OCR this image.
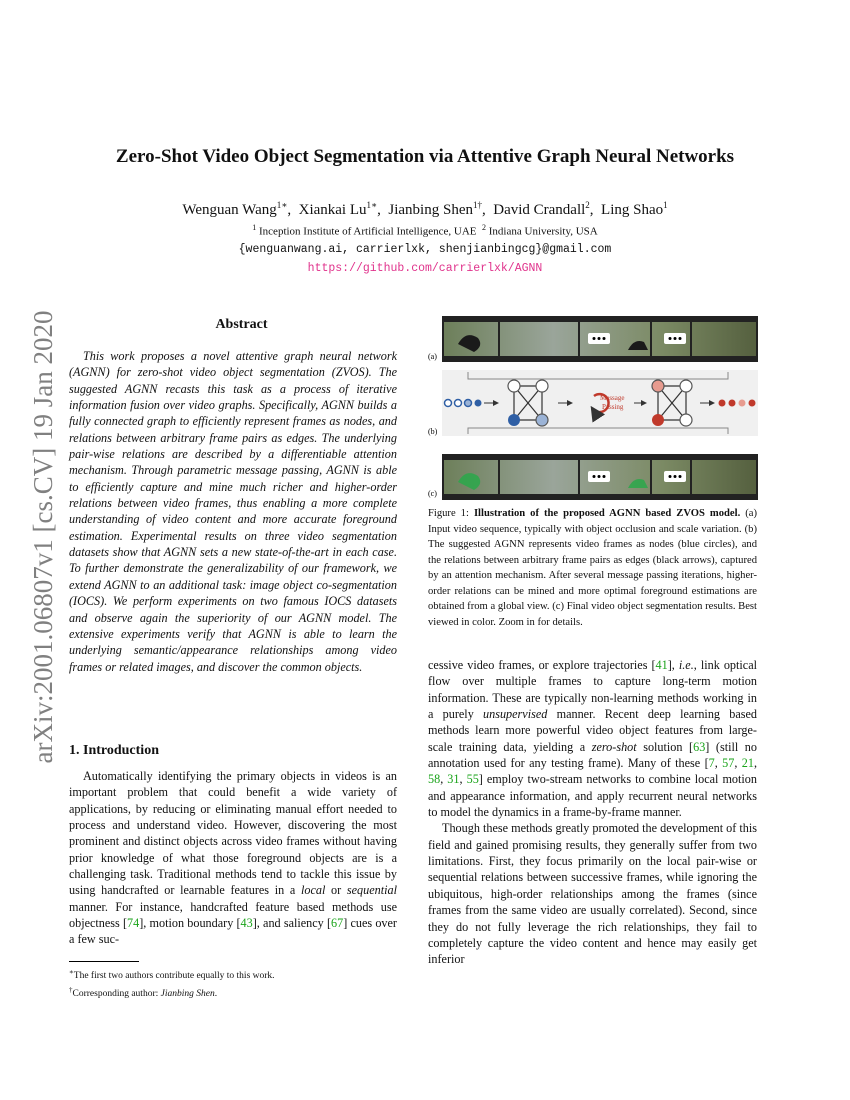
Zero-Shot Video Object Segmentation via Attentive Graph Neural Networks
Wenguan Wang$^{1∗}$,  Xiankai $Lu^{1∗}$,  Jianbing Shen$^{1\dagger}$,  David Crandall$^2$,  Ling Shao$^1$
$^1$ Inception Institute of Artificial Intelligence, UAE $^2$ Indiana University, USA
{wenguanwang.ai, carrierlxk, shenjianbingcg}@gmail.com
https://github.com/carrierlxk/AGNN
arXiv:2001.06807v1 [cs.CV] 19 Jan 2020	Abstract

This work proposes a novel attentive graph neural network (AGNN) for zero-shot video object segmentation (ZVOS). The suggested AGNN recasts this task as a process of iterative information fusion over video graphs. Specifically, AGNN builds a fully connected graph to efficiently represent frames as nodes, and relations between arbitrary frame pairs as edges. The underlying pair-wise relations are described by a differentiable attention mechanism. Through parametric message passing, AGNN is able to efficiently capture and mine much richer and higher-order relations between video frames, thus enabling a more complete understanding of video content and more accurate foreground estimation. Experimental results on three video segmentation datasets show that AGNN sets a new state-of-the-art in each case. To further demonstrate the generalizability of our framework, we extend AGNN to an additional task: image object co-segmentation (IOCS). We perform experiments on two famous IOCS datasets and observe again the superiority of our AGNN model. The extensive experiments verify that AGNN is able to learn the underlying semantic/appearance relationships among video frames or related images, and discover the common objects.

1. Introduction

Automatically identifying the primary objects in videos is an important problem that could benefit a wide variety of applications, by reducing or eliminating manual effort needed to process and understand video. However, discovering the most prominent and distinct objects across video frames without having prior knowledge of what those foreground objects are is a challenging task. Traditional methods tend to tackle this issue by using handcrafted or learnable features in a local or sequential manner. For instance, handcrafted feature based methods use objectness [74], motion boundary [43], and saliency [67] cues over a few suc-

∗The first two authors contribute equally to this work.
†Corresponding author: Jianbing Shen.
(a)
Message
Passing
(b)
(c)
Figure 1: Illustration of the proposed AGNN based ZVOS model. (a) Input video sequence, typically with object occlusion and scale variation. (b) The suggested AGNN represents video frames as nodes (blue circles), and the relations between arbitrary frame pairs as edges (black arrows), captured by an attention mechanism. After several message passing iterations, higher-order relations can be mined and more optimal foreground estimations are obtained from a global view. (c) Final video object segmentation results. Best viewed in color. Zoom in for details.

cessive video frames, or explore trajectories [41], i.e., link optical flow over multiple frames to capture long-term motion information. These are typically non-learning methods working in a purely unsupervised manner. Recent deep learning based methods learn more powerful video object features from large-scale training data, yielding a zero-shot solution [63] (still no annotation used for any testing frame). Many of these [7, 57, 21, 58, 31, 55] employ two-stream networks to combine local motion and appearance information, and apply recurrent neural networks to model the dynamics in a frame-by-frame manner.

Though these methods greatly promoted the development of this field and gained promising results, they generally suffer from two limitations. First, they focus primarily on the local pair-wise or sequential relations between successive frames, while ignoring the ubiquitous, high-order relationships among the frames (since frames from the same video are usually correlated). Second, since they do not fully leverage the rich relationships, they fail to completely capture the video content and hence may easily get inferior
